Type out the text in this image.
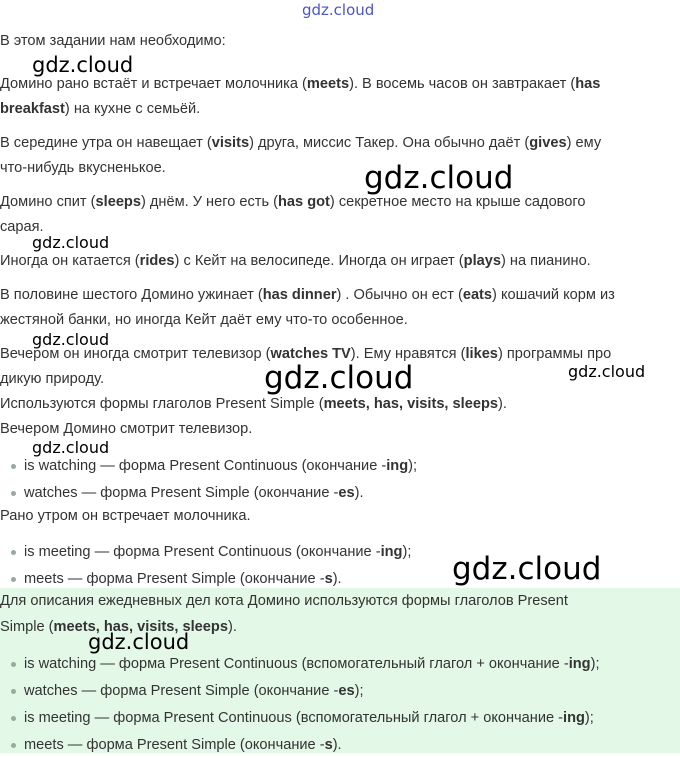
В этом задании нам необходимо:
Домино рано встаёт и встречает молочника (meets). В восемь часов он завтракает (has
breakfast) на кухне с семьёй.
В середине утра он навещает (visits) друга, миссис Такер. Она обычно даёт (gives) ему
что-нибудь вкусненькое.
Домино спит (sleeps) днём. У него есть (has got) секретное место на крыше садового
сарая.
Иногда он катается (rides) с Кейт на велосипеде. Иногда он играет (plays) на пианино.
В половине шестого Домино ужинает (has dinner) . Обычно он ест (eats) кошачий корм из
жестяной банки, но иногда Кейт даёт ему что-то особенное.
Вечером он иногда смотрит телевизор (watches TV). Ему нравятся (likes) программы про
дикую природу.
Используются формы глаголов Present Simple (meets, has, visits, sleeps).
Вечером Домино смотрит телевизор.
is watching — форма Present Continuous (окончание -ing);
watches — форма Present Simple (окончание -es).
Рано утром он встречает молочника.
is meeting — форма Present Continuous (окончание -ing);
meets — форма Present Simple (окончание -s).
Для описания ежедневных дел кота Домино используются формы глаголов Present
Simple (meets, has, visits, sleeps).
is watching — форма Present Continuous (вспомогательный глагол + окончание -ing);
watches — форма Present Simple (окончание -es);
is meeting — форма Present Continuous (вспомогательный глагол + окончание -ing);
meets — форма Present Simple (окончание -s).
gdz.cloud
gdz.cloud
gdz.cloud
gdz.cloud
gdz.cloud
gdz.cloud	gdz.cloud
gdz.cloud
gdz.cloud
gdz.cloud
